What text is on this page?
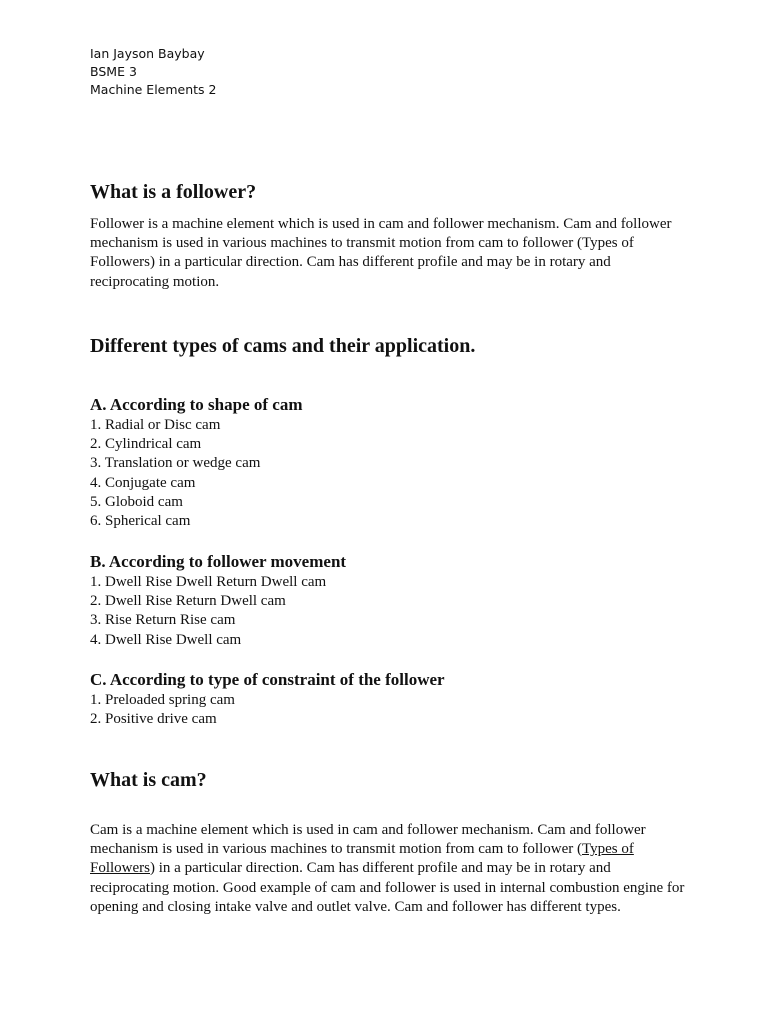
Ian Jayson Baybay
BSME 3
Machine Elements 2
What is a follower?

Follower is a machine element which is used in cam and follower mechanism. Cam and follower mechanism is used in various machines to transmit motion from cam to follower (Types of Followers) in a particular direction. Cam has different profile and may be in rotary and reciprocating motion.

Different types of cams and their application.
A. According to shape of cam
1. Radial or Disc cam
2. Cylindrical cam
3. Translation or wedge cam
4. Conjugate cam
5. Globoid cam
6. Spherical cam
B. According to follower movement
1. Dwell Rise Dwell Return Dwell cam
2. Dwell Rise Return Dwell cam
3. Rise Return Rise cam
4. Dwell Rise Dwell cam
C. According to type of constraint of the follower
1. Preloaded spring cam
2. Positive drive cam
What is cam?

Cam is a machine element which is used in cam and follower mechanism. Cam and follower mechanism is used in various machines to transmit motion from cam to follower (Types of Followers) in a particular direction. Cam has different profile and may be in rotary and reciprocating motion. Good example of cam and follower is used in internal combustion engine for opening and closing intake valve and outlet valve. Cam and follower has different types.
